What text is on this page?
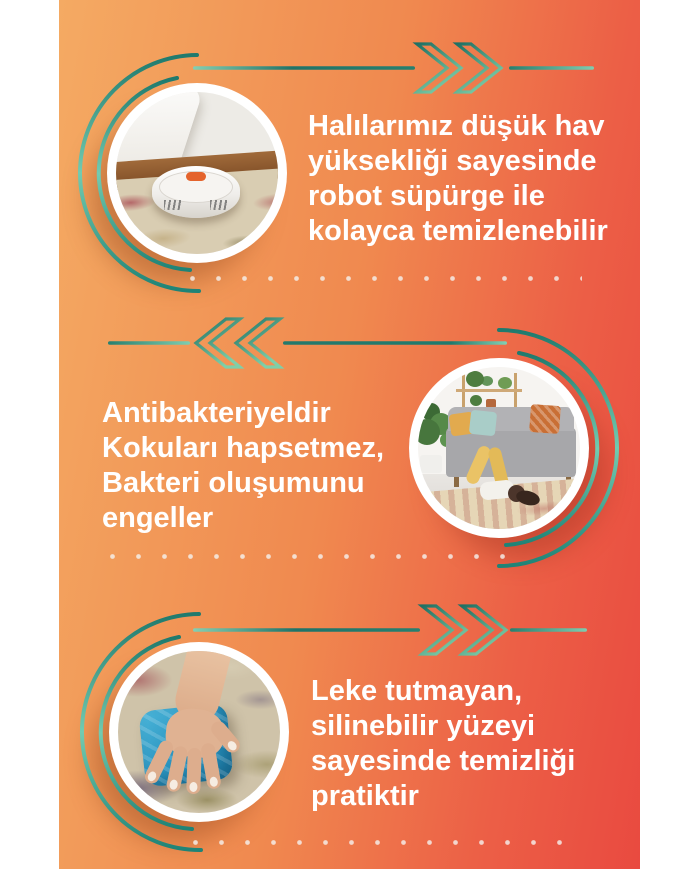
Halılarımız düşük hav
yüksekliği sayesinde
robot süpürge ile
kolayca temizlenebilir
Antibakteriyeldir
Kokuları hapsetmez,
Bakteri oluşumunu
engeller
Leke tutmayan,
silinebilir yüzeyi
sayesinde temizliği
pratiktir
